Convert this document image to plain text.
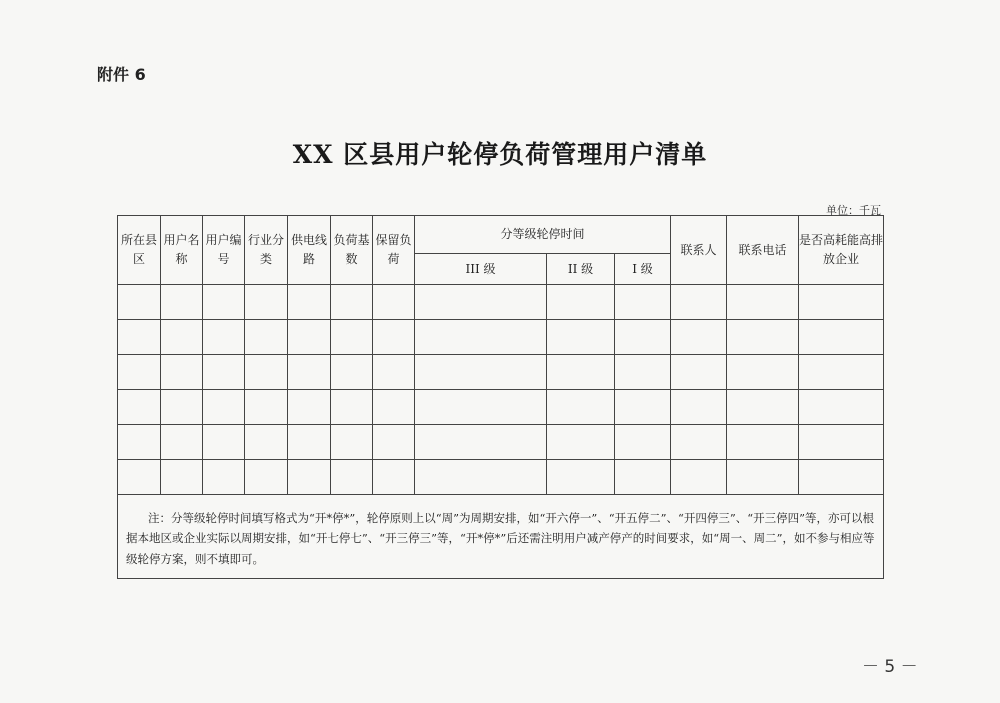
附件 6
XX 区县用户轮停负荷管理用户清单
单位：千瓦
所在县区	用户名称	用户编号	行业分类	供电线路	负荷基数	保留负荷	分等级轮停时间			联系人	联系电话	是否高耗能高排放企业
							III 级	II 级	I 级			

注：分等级轮停时间填写格式为“开*停*”，轮停原则上以“周”为周期安排，如“开六停一”、“开五停二”、“开四停三”、“开三停四”等，亦可以根据本地区或企业实际以周期安排，如“开七停七”、“开三停三”等，“开*停*”后还需注明用户减产停产的时间要求，如“周一、周二”，如不参与相应等级轮停方案，则不填即可。												
－ 5 －
